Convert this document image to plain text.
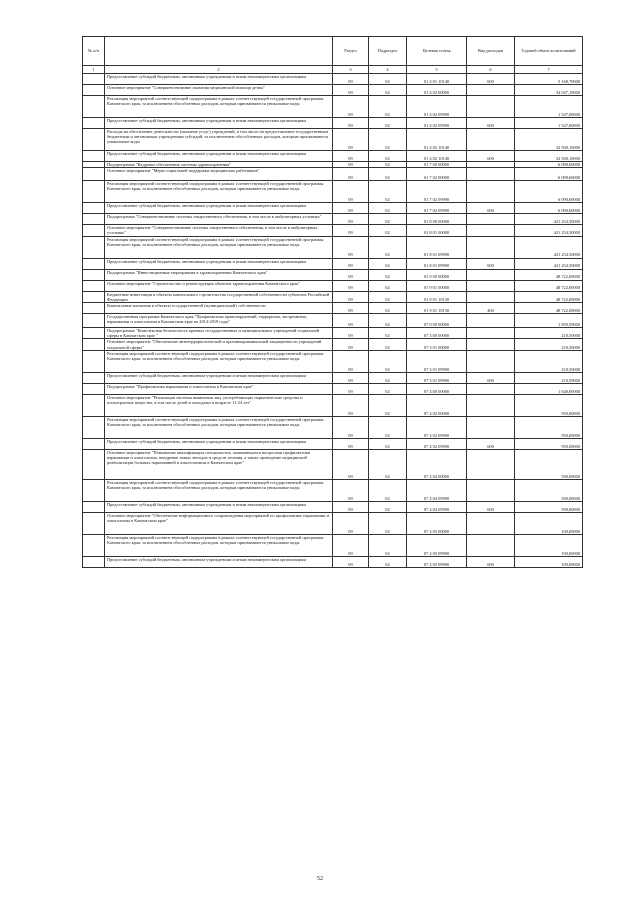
№ п/п		Раздел	Подраздел	Целевая статья	Вид расходов	Годовой объем ассигнований
1	2	3	4	5	6	7
	Предоставление субсидий бюджетным, автономным учреждениям и иным некоммерческим организациям	09	02	01 4 01 10140	600	5 168,70000
	Основное мероприятие "Совершенствование оказания медицинской помощи детям"	09	02	01 4 02 00000		34 047,10000
	Реализация мероприятий соответствующей подпрограммы в рамках соответствующей государственной программы Камчатского края, за исключением обособленных расходов, которым присваиваются уникальные коды	09	02	01 4 02 09990		1 547,00000
	Предоставление субсидий бюджетным, автономным учреждениям и иным некоммерческим организациям	09	02	01 4 02 09990	600	1 547,00000
	Расходы на обеспечение деятельности (оказание услуг) учреждений, в том числе на предоставление государственным бюджетным и автономным учреждениям субсидий, за исключением обособленных расходов, которым присваиваются уникальные коды	09	02	01 4 02 10140		32 500,10000
	Предоставление субсидий бюджетным, автономным учреждениям и иным некоммерческим организациям	09	02	01 4 02 10140	600	32 500,10000
	Подпрограмма "Кадровое обеспечение системы здравоохранения"	09	02	01 7 00 00000		6 090,60000
	Основное мероприятие "Меры социальной поддержки медицинских работников"	09	02	01 7 02 00000		6 090,60000
	Реализация мероприятий соответствующей подпрограммы в рамках соответствующей государственной программы Камчатского края, за исключением обособленных расходов, которым присваиваются уникальные коды	09	02	01 7 02 09990		6 090,60000
	Предоставление субсидий бюджетным, автономным учреждениям и иным некоммерческим организациям	09	02	01 7 02 09990	600	6 090,60000
	Подпрограмма "Совершенствование системы лекарственного обеспечения, в том числе в амбулаторных условиях"	09	02	01 8 00 00000		421 254,50000
	Основное мероприятие "Совершенствование системы лекарственного обеспечения, в том числе в амбулаторных условиях"	09	02	01 8 01 00000		421 254,50000
	Реализация мероприятий соответствующей подпрограммы в рамках соответствующей государственной программы Камчатского края, за исключением обособленных расходов, которым присваиваются уникальные коды	09	02	01 8 01 09990		421 254,50000
	Предоставление субсидий бюджетным, автономным учреждениям и иным некоммерческим организациям	09	02	01 8 01 09990	600	421 254,50000
	Подпрограмма "Инвестиционные мероприятия в здравоохранении Камчатского края"	09	02	01 9 00 00000		48 722,00000
	Основное мероприятие "Строительство и реконструкция объектов здравоохранения Камчатского края"	09	02	01 9 01 00000		48 722,00000
	Бюджетные инвестиции в объекты капитального строительства государственной собственности субъектов Российской Федерации	09	02	01 9 01 10130		48 722,00000
	Капитальные вложения в объекты государственной (муниципальной) собственности	09	02	01 9 01 10130	400	48 722,00000
	Государственная программа Камчатского края "Профилактика правонарушений, терроризма, экстремизма, наркомании и алкоголизма в Камчатском крае на 2014-2018 годы"	09	02	07 0 00 00000		1 850,50000
	Подпрограмма "Комплексная безопасность краевых государственных и муниципальных учреждений социальной сферы в Камчатском крае "	09	02	07 3 00 00000		210,50000
	Основное мероприятие "Обеспечение антитеррористической и противокриминальной защищенности учреждений социальной сферы"	09	02	07 3 01 00000		210,50000
	Реализация мероприятий соответствующей подпрограммы в рамках соответствующей государственной программы Камчатского края, за исключением обособленных расходов, которым присваиваются уникальные коды	09	02	07 3 01 09990		210,50000
	Предоставление субсидий бюджетным, автономным учреждениям и иным некоммерческим организациям	09	02	07 3 01 09990	600	210,50000
	Подпрограмма "Профилактика наркомании и алкоголизма в Камчатском крае"	09	02	07 4 00 00000		1 640,00000
	Основное мероприятие "Реализация системы выявления лиц, употребляющих наркотические средства и психотропные вещества, в том числе детей и молодежи в возрасте 11-24 лет"	09	02	07 4 02 00000		950,00000
	Реализация мероприятий соответствующей подпрограммы в рамках соответствующей государственной программы Камчатского края, за исключением обособленных расходов, которым присваиваются уникальные коды	09	02	07 4 02 09990		950,00000
	Предоставление субсидий бюджетным, автономным учреждениям и иным некоммерческим организациям	09	02	07 4 02 09990	600	950,00000
	Основное мероприятие "Повышение квалификации специалистов, занимающихся вопросами профилактики наркомании и алкоголизма, внедрение новых методов и средств лечения, а также проведение медицинской реабилитации больных наркоманией и алкоголизмом в Камчатском крае"	09	02	07 4 04 00000		590,00000
	Реализация мероприятий соответствующей подпрограммы в рамках соответствующей государственной программы Камчатского края, за исключением обособленных расходов, которым присваиваются уникальные коды	09	02	07 4 04 09990		590,00000
	Предоставление субсидий бюджетным, автономным учреждениям и иным некоммерческим организациям	09	02	07 4 04 09990	600	590,00000
	Основное мероприятие "Обеспечение информационного сопровождения мероприятий по профилактике наркомании и алкоголизма в Камчатском крае"	09	02	07 4 05 00000		100,00000
	Реализация мероприятий соответствующей подпрограммы в рамках соответствующей государственной программы Камчатского края, за исключением обособленных расходов, которым присваиваются уникальные коды	09	02	07 4 05 09990		100,00000
	Предоставление субсидий бюджетным, автономным учреждениям и иным некоммерческим организациям	09	02	07 4 05 09990	600	100,00000
52
